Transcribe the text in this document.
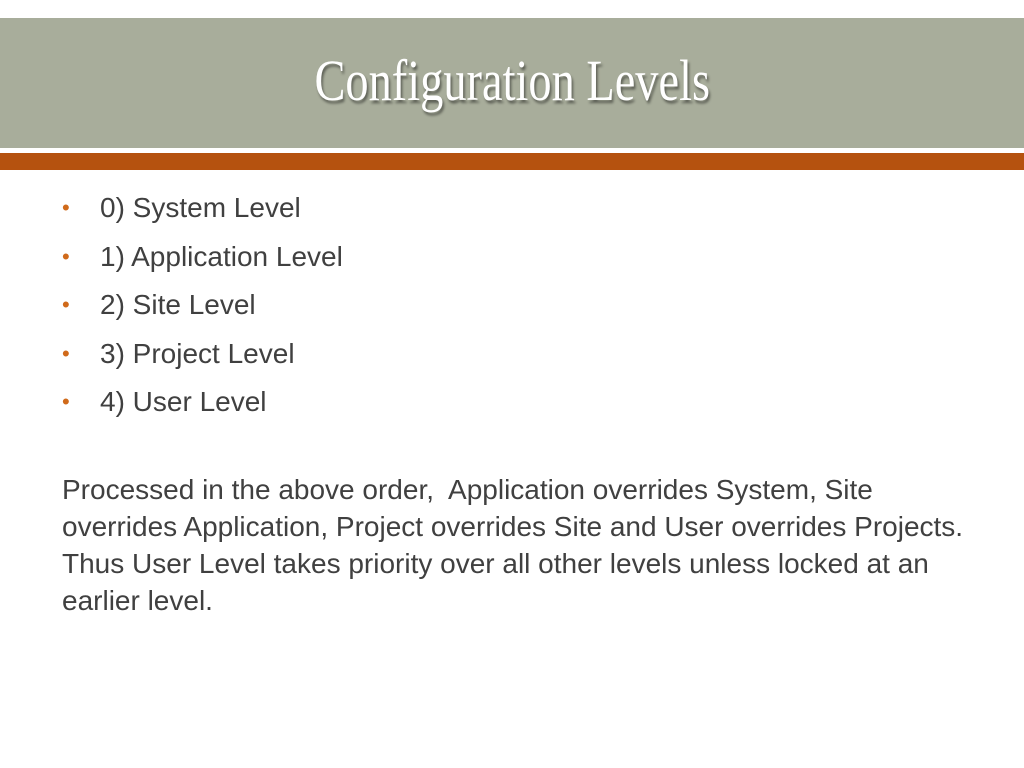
Configuration Levels
•	0) System Level
•	1) Application Level
•	2) Site Level
•	3) Project Level
•	4) User Level

Processed in the above order,  Application overrides System, Site overrides Application, Project overrides Site and User overrides Projects.  Thus User Level takes priority over all other levels unless locked at an earlier level.
